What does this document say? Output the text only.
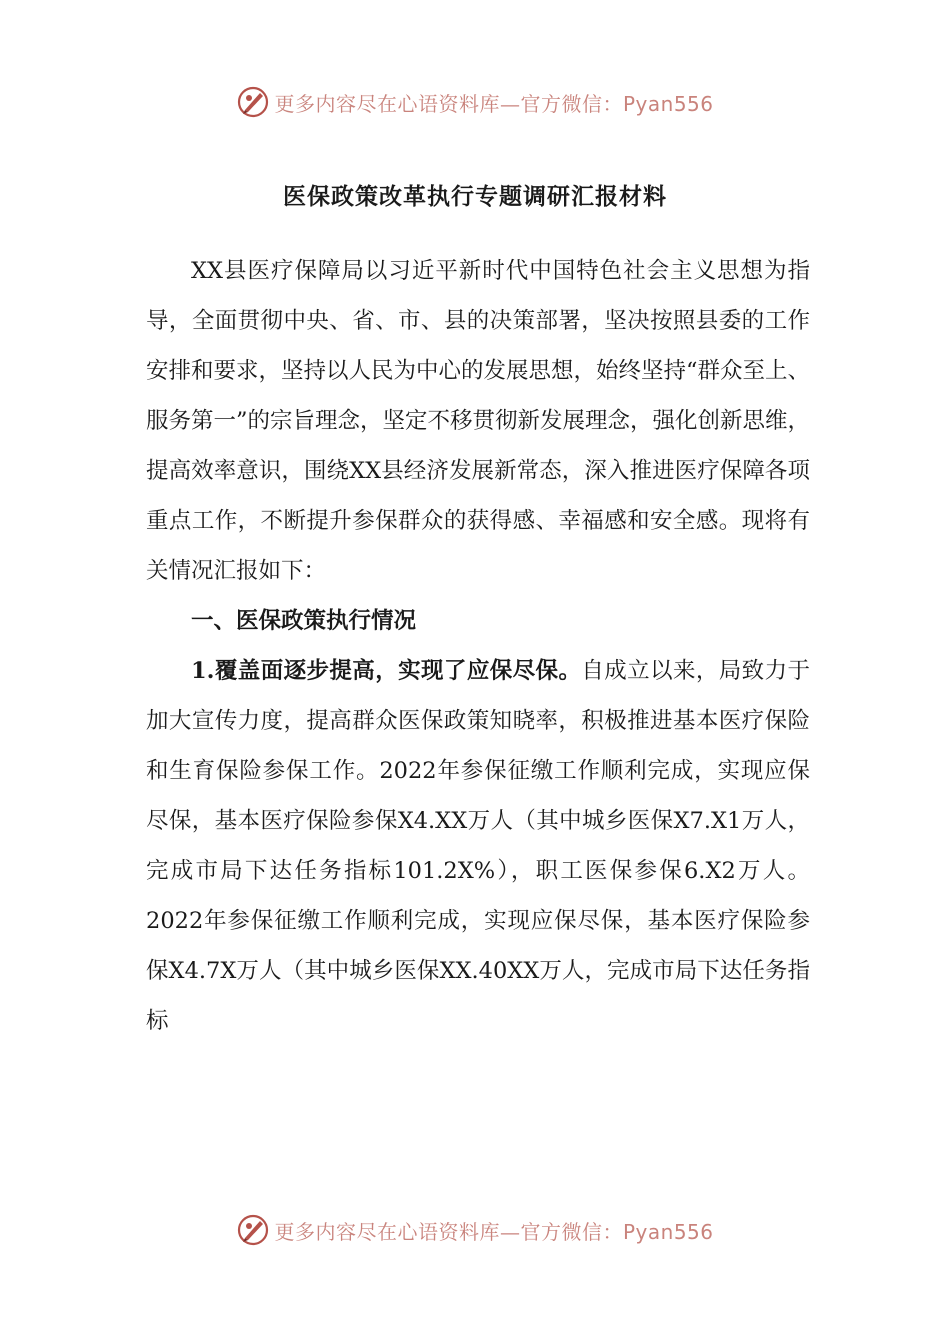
更多内容尽在心语资料库—官方微信：Pyan556
医保政策改革执行专题调研汇报材料

XX县医疗保障局以习近平新时代中国特色社会主义思想为指导，全面贯彻中央、省、市、县的决策部署，坚决按照县委的工作安排和要求，坚持以人民为中心的发展思想，始终坚持“群众至上、服务第一”的宗旨理念，坚定不移贯彻新发展理念，强化创新思维，提高效率意识，围绕XX县经济发展新常态，深入推进医疗保障各项重点工作，不断提升参保群众的获得感、幸福感和安全感。现将有关情况汇报如下：

一、医保政策执行情况

1.覆盖面逐步提高，实现了应保尽保。自成立以来，局致力于加大宣传力度，提高群众医保政策知晓率，积极推进基本医疗保险和生育保险参保工作。2022年参保征缴工作顺利完成，实现应保尽保，基本医疗保险参保X4.XX万人（其中城乡医保X7.X1万人，完成市局下达任务指标101.2X%），职工医保参保6.X2万人。2022年参保征缴工作顺利完成，实现应保尽保，基本医疗保险参保X4.7X万人（其中城乡医保XX.40XX万人，完成市局下达任务指标

更多内容尽在心语资料库—官方微信：Pyan556
